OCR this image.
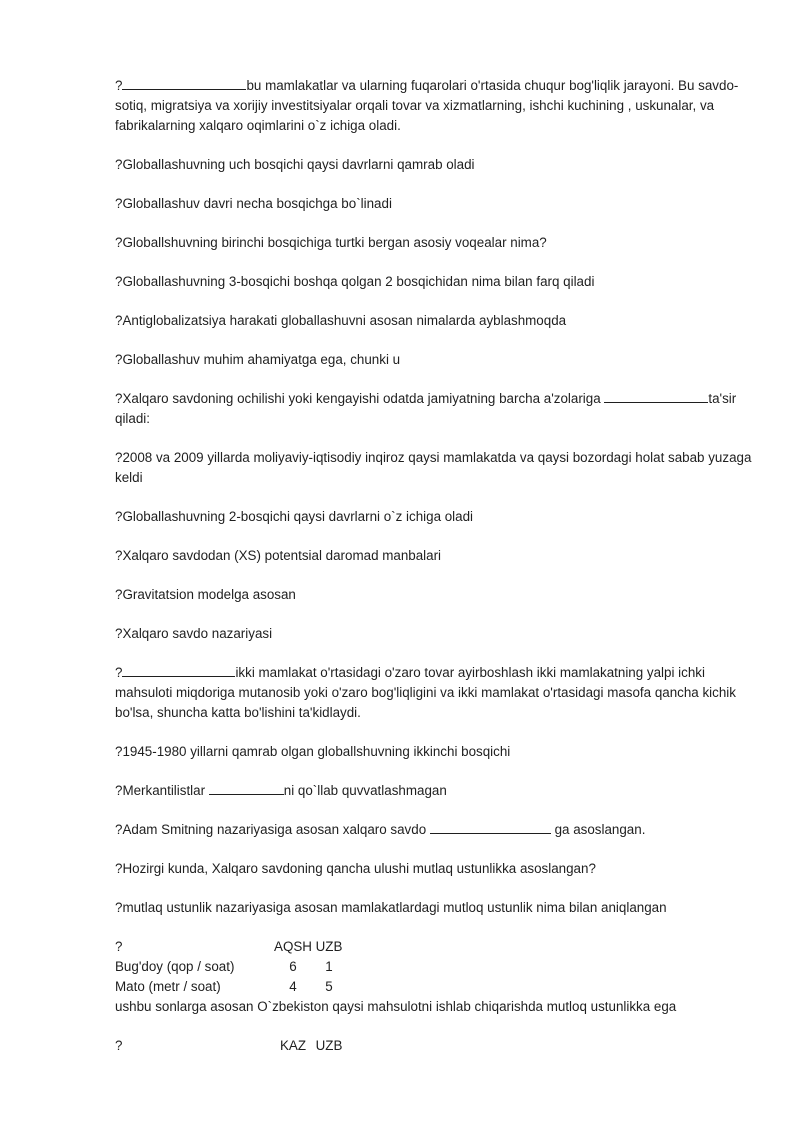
?	bu mamlakatlar va ularning fuqarolari o'rtasida chuqur bog'liqlik jarayoni. Bu savdo-sotiq, migratsiya va xorijiy investitsiyalar orqali tovar va xizmatlarning, ishchi kuchining , uskunalar, va fabrikalarning xalqaro oqimlarini o`z ichiga oladi.

?Globallashuvning uch bosqichi qaysi davrlarni qamrab oladi

?Globallashuv davri necha bosqichga bo`linadi

?Globallshuvning birinchi bosqichiga turtki bergan asosiy voqealar nima?

?Globallashuvning 3-bosqichi boshqa qolgan 2 bosqichidan nima bilan farq qiladi

?Antiglobalizatsiya harakati globallashuvni asosan nimalarda ayblashmoqda

?Globallashuv muhim ahamiyatga ega, chunki u

?Xalqaro savdoning ochilishi yoki kengayishi odatda jamiyatning barcha a'zolariga	ta'sir qiladi:

?2008 va 2009 yillarda moliyaviy-iqtisodiy inqiroz qaysi mamlakatda va qaysi bozordagi holat sabab yuzaga keldi

?Globallashuvning 2-bosqichi qaysi davrlarni o`z ichiga oladi

?Xalqaro savdodan (XS) potentsial daromad manbalari

?Gravitatsion modelga asosan

?Xalqaro savdo nazariyasi

?	ikki mamlakat o'rtasidagi o'zaro tovar ayirboshlash ikki mamlakatning yalpi ichki mahsuloti miqdoriga mutanosib yoki o'zaro bog'liqligini va ikki mamlakat o'rtasidagi masofa qancha kichik bo'lsa, shuncha katta bo'lishini ta'kidlaydi.

?1945-1980 yillarni qamrab olgan globallshuvning ikkinchi bosqichi

?Merkantilistlar	ni qo`llab quvvatlashmagan

?Adam Smitning nazariyasiga asosan xalqaro savdo	ga asoslangan.

?Hozirgi kunda, Xalqaro savdoning qancha ulushi mutlaq ustunlikka asoslangan?

?mutlaq ustunlik nazariyasiga asosan mamlakatlardagi mutloq ustunlik nima bilan aniqlangan

?	AQSH UZB
Bug'doy (qop / soat)	6	1
Mato (metr / soat)	4	5
ushbu sonlarga asosan O`zbekiston qaysi mahsulotni ishlab chiqarishda mutloq ustunlikka ega
?	KAZ UZB
